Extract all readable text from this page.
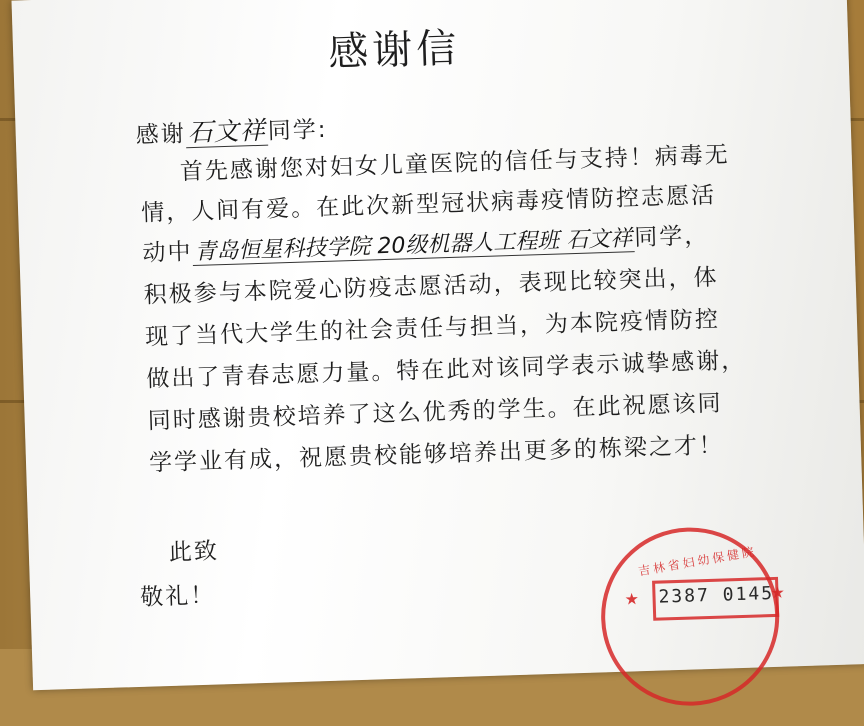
感谢信
感谢石文祥同学:
首先感谢您对妇女儿童医院的信任与支持！病毒无
情，人间有爱。在此次新型冠状病毒疫情防控志愿活
动中青岛恒星科技学院 20级机器人工程班 石文祥同学，
积极参与本院爱心防疫志愿活动，表现比较突出，体
现了当代大学生的社会责任与担当，为本院疫情防控
做出了青春志愿力量。特在此对该同学表示诚挚感谢，
同时感谢贵校培养了这么优秀的学生。在此祝愿该同
学学业有成，祝愿贵校能够培养出更多的栋梁之才！
此致
敬礼！
吉林省妇幼保健院
★	★
2387 0145
